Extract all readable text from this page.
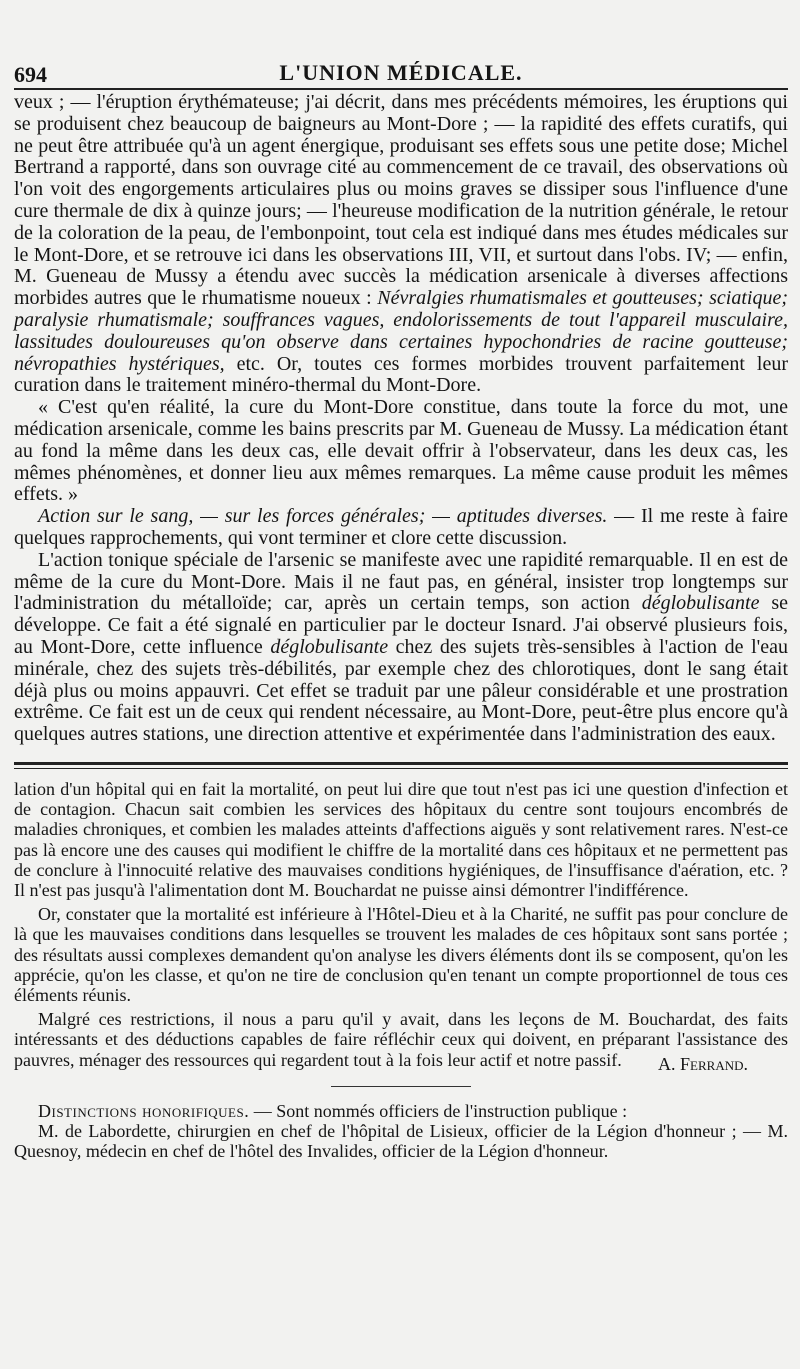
694	L'UNION MÉDICALE.

veux ; — l'éruption érythémateuse; j'ai décrit, dans mes précédents mémoires, les éruptions qui se produisent chez beaucoup de baigneurs au Mont-Dore ; — la rapidité des effets curatifs, qui ne peut être attribuée qu'à un agent énergique, produisant ses effets sous une petite dose; Michel Bertrand a rapporté, dans son ouvrage cité au commencement de ce travail, des observations où l'on voit des engorgements articulaires plus ou moins graves se dissiper sous l'influence d'une cure thermale de dix à quinze jours; — l'heureuse modification de la nutrition générale, le retour de la coloration de la peau, de l'embonpoint, tout cela est indiqué dans mes études médicales sur le Mont-Dore, et se retrouve ici dans les observations III, VII, et surtout dans l'obs. IV; — enfin, M. Gueneau de Mussy a étendu avec succès la médication arsenicale à diverses affections morbides autres que le rhumatisme noueux : Névralgies rhumatismales et goutteuses; sciatique; paralysie rhumatismale; souffrances vagues, endolorissements de tout l'appareil musculaire, lassitudes douloureuses qu'on observe dans certaines hypochondries de racine goutteuse; névropathies hystériques, etc. Or, toutes ces formes morbides trouvent parfaitement leur curation dans le traitement minéro-thermal du Mont-Dore.

« C'est qu'en réalité, la cure du Mont-Dore constitue, dans toute la force du mot, une médication arsenicale, comme les bains prescrits par M. Gueneau de Mussy. La médication étant au fond la même dans les deux cas, elle devait offrir à l'observateur, dans les deux cas, les mêmes phénomènes, et donner lieu aux mêmes remarques. La même cause produit les mêmes effets. »

Action sur le sang, — sur les forces générales; — aptitudes diverses. — Il me reste à faire quelques rapprochements, qui vont terminer et clore cette discussion.

L'action tonique spéciale de l'arsenic se manifeste avec une rapidité remarquable. Il en est de même de la cure du Mont-Dore. Mais il ne faut pas, en général, insister trop longtemps sur l'administration du métalloïde; car, après un certain temps, son action déglobulisante se développe. Ce fait a été signalé en particulier par le docteur Isnard. J'ai observé plusieurs fois, au Mont-Dore, cette influence déglobulisante chez des sujets très-sensibles à l'action de l'eau minérale, chez des sujets très-débilités, par exemple chez des chlorotiques, dont le sang était déjà plus ou moins appauvri. Cet effet se traduit par une pâleur considérable et une prostration extrême. Ce fait est un de ceux qui rendent nécessaire, au Mont-Dore, peut-être plus encore qu'à quelques autres stations, une direction attentive et expérimentée dans l'administration des eaux.

lation d'un hôpital qui en fait la mortalité, on peut lui dire que tout n'est pas ici une question d'infection et de contagion. Chacun sait combien les services des hôpitaux du centre sont toujours encombrés de maladies chroniques, et combien les malades atteints d'affections aiguës y sont relativement rares. N'est-ce pas là encore une des causes qui modifient le chiffre de la mortalité dans ces hôpitaux et ne permettent pas de conclure à l'innocuité relative des mauvaises conditions hygiéniques, de l'insuffisance d'aération, etc. ? Il n'est pas jusqu'à l'alimentation dont M. Bouchardat ne puisse ainsi démontrer l'indifférence.

Or, constater que la mortalité est inférieure à l'Hôtel-Dieu et à la Charité, ne suffit pas pour conclure de là que les mauvaises conditions dans lesquelles se trouvent les malades de ces hôpitaux sont sans portée ; des résultats aussi complexes demandent qu'on analyse les divers éléments dont ils se composent, qu'on les apprécie, qu'on les classe, et qu'on ne tire de conclusion qu'en tenant un compte proportionnel de tous ces éléments réunis.

Malgré ces restrictions, il nous a paru qu'il y avait, dans les leçons de M. Bouchardat, des faits intéressants et des déductions capables de faire réfléchir ceux qui doivent, en préparant l'assistance des pauvres, ménager des ressources qui regardent tout à la fois leur actif et notre passif.	A. Ferrand.

Distinctions honorifiques. — Sont nommés officiers de l'instruction publique :

M. de Labordette, chirurgien en chef de l'hôpital de Lisieux, officier de la Légion d'honneur ; — M. Quesnoy, médecin en chef de l'hôtel des Invalides, officier de la Légion d'honneur.
